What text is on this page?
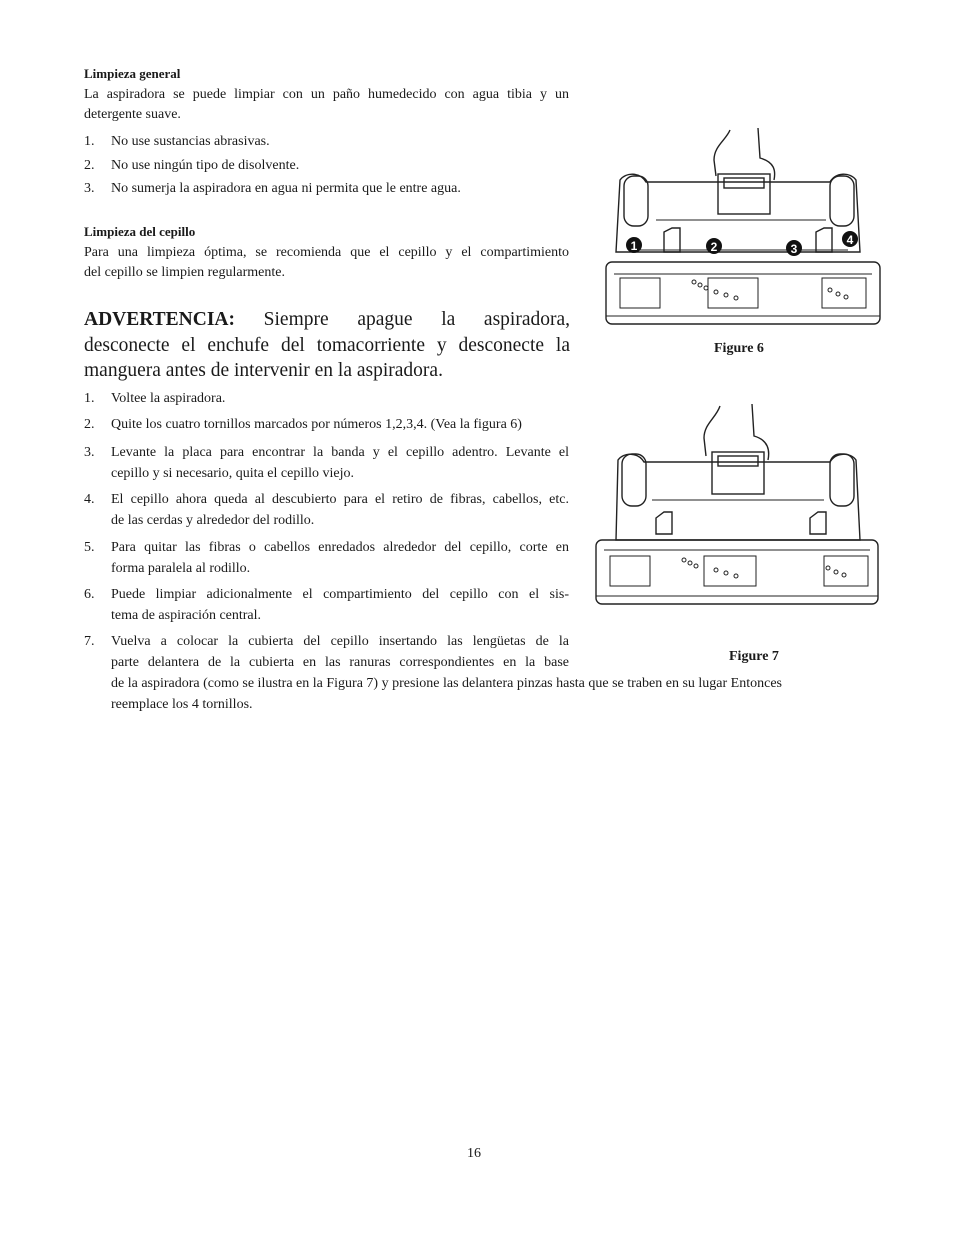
Limpieza general
La aspiradora se puede limpiar con un paño humedecido con agua tibia y un
detergente suave.
1. No use sustancias abrasivas.
2. No use ningún tipo de disolvente.
3. No sumerja la aspiradora en agua ni permita que le entre agua.
Limpieza del cepillo
Para una limpieza óptima, se recomienda que el cepillo y el compartimiento
del cepillo se limpien regularmente.
ADVERTENCIA: Siempre apague la aspiradora,
desconecte el enchufe del tomacorriente y desconecte la
manguera antes de intervenir en la aspiradora.
1. Voltee la aspiradora.
2. Quite los cuatro tornillos marcados por números 1,2,3,4. (Vea la figura 6)
3. Levante la placa para encontrar la banda y el cepillo adentro. Levante el
cepillo y si necesario, quita el cepillo viejo.
4. El cepillo ahora queda al descubierto para el retiro de fibras, cabellos, etc.
de las cerdas y alrededor del rodillo.
5. Para quitar las fibras o cabellos enredados alrededor del cepillo, corte en
forma paralela al rodillo.
6. Puede limpiar adicionalmente el compartimiento del cepillo con el sis-
tema de aspiración central.
7. Vuelva a colocar la cubierta del cepillo insertando las lengüetas de la
parte delantera de la cubierta en las ranuras correspondientes en la base
de la aspiradora (como se ilustra en la Figura 7) y presione las delantera pinzas hasta que se traben en su lugar Entonces
reemplace los 4 tornillos.
1	2	3
4
Figure 6
Figure 7
16
